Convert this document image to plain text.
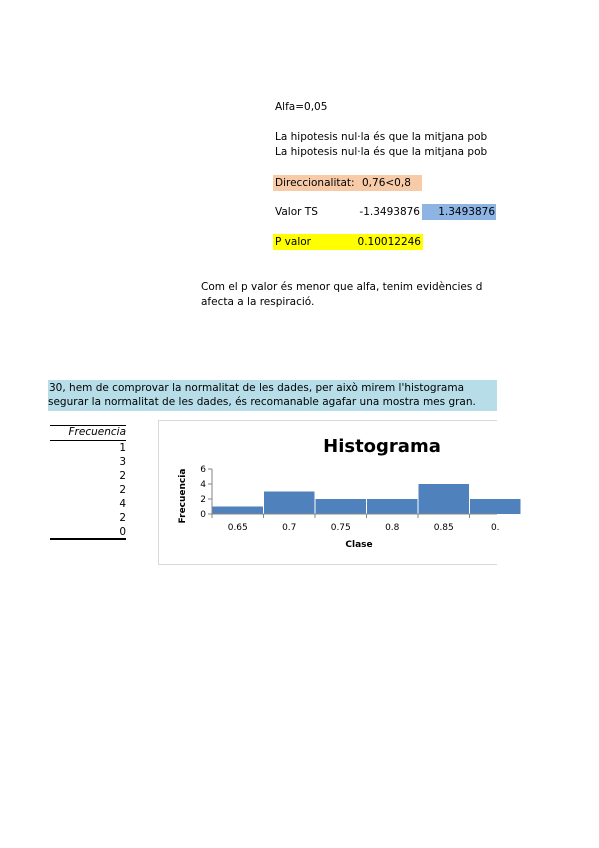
Alfa=0,05
La hipotesis nul·la és que la mitjana pob
La hipotesis nul·la és que la mitjana pob
Direccionalitat: 0,76<0,8
Valor TS	-1.3493876	1.3493876
P valor	0.10012246
Com el p valor és menor que alfa, tenim evidències d
afecta a la respiració.
30, hem de comprovar la normalitat de les dades, per això mirem l'histograma
segurar la normalitat de les dades, és recomanable agafar una mostra mes gran.
Frecuencia
1
3
2
2
4
2
0
Histograma
Frecuencia
Clase
0
2
4
6
0.65	0.7	0.75	0.8	0.85	0.
